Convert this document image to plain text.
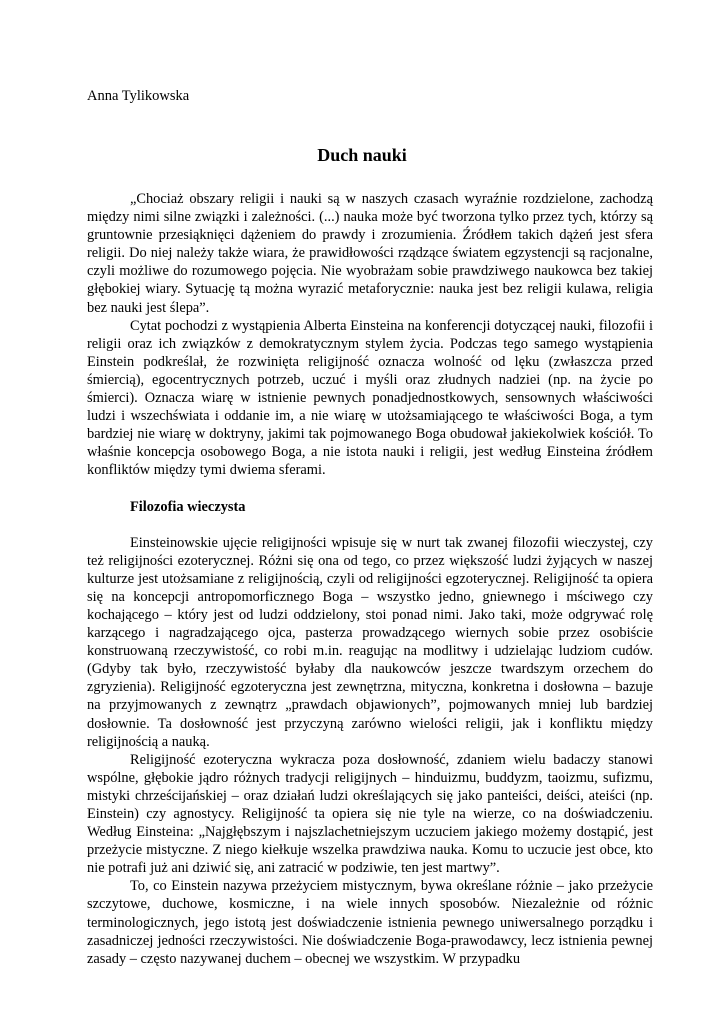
Anna Tylikowska
Duch nauki

„Chociaż obszary religii i nauki są w naszych czasach wyraźnie rozdzielone, zachodzą między nimi silne związki i zależności. (...) nauka może być tworzona tylko przez tych, którzy są gruntownie przesiąknięci dążeniem do prawdy i zrozumienia. Źródłem takich dążeń jest sfera religii. Do niej należy także wiara, że prawidłowości rządzące światem egzystencji są racjonalne, czyli możliwe do rozumowego pojęcia. Nie wyobrażam sobie prawdziwego naukowca bez takiej głębokiej wiary. Sytuację tą można wyrazić metaforycznie: nauka jest bez religii kulawa, religia bez nauki jest ślepa”.

Cytat pochodzi z wystąpienia Alberta Einsteina na konferencji dotyczącej nauki, filozofii i religii oraz ich związków z demokratycznym stylem życia. Podczas tego samego wystąpienia Einstein podkreślał, że rozwinięta religijność oznacza wolność od lęku (zwłaszcza przed śmiercią), egocentrycznych potrzeb, uczuć i myśli oraz złudnych nadziei (np. na życie po śmierci). Oznacza wiarę w istnienie pewnych ponadjednostkowych, sensownych właściwości ludzi i wszechświata i oddanie im, a nie wiarę w utożsamiającego te właściwości Boga, a tym bardziej nie wiarę w doktryny, jakimi tak pojmowanego Boga obudował jakiekolwiek kościół. To właśnie koncepcja osobowego Boga, a nie istota nauki i religii, jest według Einsteina źródłem konfliktów między tymi dwiema sferami.

Filozofia wieczysta

Einsteinowskie ujęcie religijności wpisuje się w nurt tak zwanej filozofii wieczystej, czy też religijności ezoterycznej. Różni się ona od tego, co przez większość ludzi żyjących w naszej kulturze jest utożsamiane z religijnością, czyli od religijności egzoterycznej. Religijność ta opiera się na koncepcji antropomorficznego Boga – wszystko jedno, gniewnego i mściwego czy kochającego – który jest od ludzi oddzielony, stoi ponad nimi. Jako taki, może odgrywać rolę karzącego i nagradzającego ojca, pasterza prowadzącego wiernych sobie przez osobiście konstruowaną rzeczywistość, co robi m.in. reagując na modlitwy i udzielając ludziom cudów. (Gdyby tak było, rzeczywistość byłaby dla naukowców jeszcze twardszym orzechem do zgryzienia). Religijność egzoteryczna jest zewnętrzna, mityczna, konkretna i dosłowna – bazuje na przyjmowanych z zewnątrz „prawdach objawionych”, pojmowanych mniej lub bardziej dosłownie. Ta dosłowność jest przyczyną zarówno wielości religii, jak i konfliktu między religijnością a nauką.

Religijność ezoteryczna wykracza poza dosłowność, zdaniem wielu badaczy stanowi wspólne, głębokie jądro różnych tradycji religijnych – hinduizmu, buddyzm, taoizmu, sufizmu, mistyki chrześcijańskiej – oraz działań ludzi określających się jako panteiści, deiści, ateiści (np. Einstein) czy agnostycy. Religijność ta opiera się nie tyle na wierze, co na doświadczeniu. Według Einsteina: „Najgłębszym i najszlachetniejszym uczuciem jakiego możemy dostąpić, jest przeżycie mistyczne. Z niego kiełkuje wszelka prawdziwa nauka. Komu to uczucie jest obce, kto nie potrafi już ani dziwić się, ani zatracić w podziwie, ten jest martwy”.

To, co Einstein nazywa przeżyciem mistycznym, bywa określane różnie – jako przeżycie szczytowe, duchowe, kosmiczne, i na wiele innych sposobów. Niezależnie od różnic terminologicznych, jego istotą jest doświadczenie istnienia pewnego uniwersalnego porządku i zasadniczej jedności rzeczywistości. Nie doświadczenie Boga-prawodawcy, lecz istnienia pewnej zasady – często nazywanej duchem – obecnej we wszystkim. W przypadku
